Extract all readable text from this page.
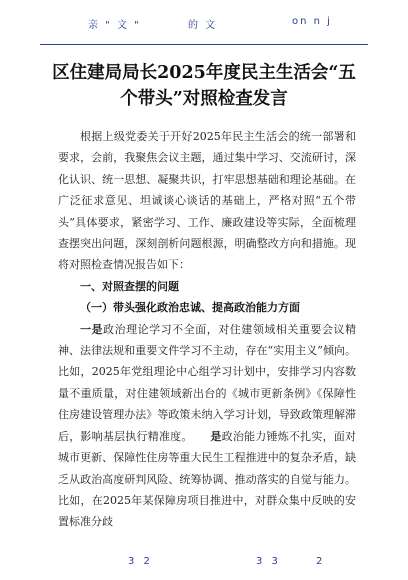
亲 " 文 "	的 文	on n j
区住建局局长2025年度民主生活会“五
个带头”对照检查发言

根据上级党委关于开好2025年民主生活会的统一部署和要求，会前，我聚焦会议主题，通过集中学习、交流研讨，深化认识、统一思想、凝聚共识，打牢思想基础和理论基础。在广泛征求意见、坦诚谈心谈话的基础上，严格对照“五个带头”具体要求，紧密学习、工作、廉政建设等实际，全面梳理查摆突出问题，深刻剖析问题根源，明确整改方向和措施。现将对照检查情况报告如下：

一、对照查摆的问题

（一）带头强化政治忠诚、提高政治能力方面

一是政治理论学习不全面，对住建领域相关重要会议精神、法律法规和重要文件学习不主动，存在“实用主义”倾向。比如，2025年党组理论中心组学习计划中，安排学习内容数量不重质量，对住建领域新出台的《城市更新条例》《保障性住房建设管理办法》等政策未纳入学习计划，导致政策理解滞后，影响基层执行精准度。 是政治能力锤炼不扎实，面对城市更新、保障性住房等重大民生工程推进中的复杂矛盾，缺乏从政治高度研判风险、统筹协调、推动落实的自觉与能力。比如，在2025年某保障房项目推进中，对群众集中反映的安置标准分歧

3 2	3 3	2
